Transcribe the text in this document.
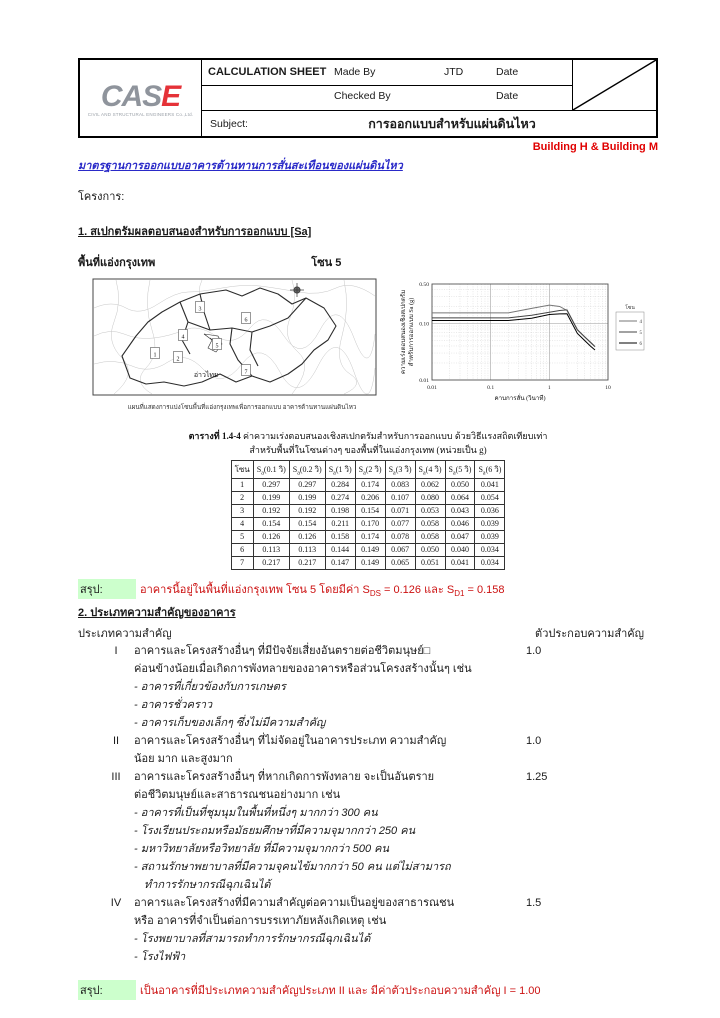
CASE
CIVIL AND STRUCTURAL ENGINEERS Co.,Ltd.
CALCULATION SHEET Made By	JTD	Date
Checked By	Date
Subject:	การออกแบบสำหรับแผ่นดินไหว
Building H & Building M
มาตรฐานการออกแบบอาคารต้านทานการสั่นสะเทือนของแผ่นดินไหว
โครงการ:
1. สเปกตรัมผลตอบสนองสำหรับการออกแบบ [Sa]
พื้นที่แอ่งกรุงเทพ	โซน 5
1
2
3
4
5
6
7
อ่าวไทย
แผนที่แสดงการแบ่งโซนพื้นที่แอ่งกรุงเทพเพื่อการออกแบบ อาคารต้านทานแผ่นดินไหว
0.01	0.1	1	10
0.01
0.10
0.50
คาบการสั่น (วินาที)
ความเร่งตอบสนองเชิงสเปกตรัม สำหรับการออกแบบ Sa (g)	โซน
4
5
6
ตารางที่ 1.4-4 ค่าความเร่งตอบสนองเชิงสเปกตรัมสำหรับการออกแบบ ด้วยวิธีแรงสถิตเทียบเท่า
สำหรับพื้นที่ในโซนต่างๆ ของพื้นที่ในแอ่งกรุงเทพ (หน่วยเป็น g)
โซน	$S_a(0.1$ วิ)	$S_a(0.2$ วิ)	$S_a(1$ วิ)	$S_a(2$ วิ)	$S_a(3$ วิ)	$S_a(4$ วิ)	$S_a(5$ วิ)	$S_a(6$ วิ)
1	0.297	0.297	0.284	0.174	0.083	0.062	0.050	0.041
2	0.199	0.199	0.274	0.206	0.107	0.080	0.064	0.054
3	0.192	0.192	0.198	0.154	0.071	0.053	0.043	0.036
4	0.154	0.154	0.211	0.170	0.077	0.058	0.046	0.039
5	0.126	0.126	0.158	0.174	0.078	0.058	0.047	0.039
6	0.113	0.113	0.144	0.149	0.067	0.050	0.040	0.034
7	0.217	0.217	0.147	0.149	0.065	0.051	0.041	0.034
สรุป:	อาคารนี้อยู่ในพื้นที่แอ่งกรุงเทพ โซน 5 โดยมีค่า $S_{DS} = 0.126$ และ $S_{D1} = 0.158$
2. ประเภทความสำคัญของอาคาร
ประเภทความสำคัญ	ตัวประกอบความสำคัญ
I	อาคารและโครงสร้างอื่นๆ ที่มีปัจจัยเสี่ยงอันตรายต่อชีวิตมนุษย์□
ค่อนข้างน้อยเมื่อเกิดการพังทลายของอาคารหรือส่วนโครงสร้างนั้นๆ เช่น
- อาคารที่เกี่ยวข้องกับการเกษตร
- อาคารชั่วคราว
- อาคารเก็บของเล็กๆ ซึ่งไม่มีความสำคัญ
1.0
II	อาคารและโครงสร้างอื่นๆ ที่ไม่จัดอยู่ในอาคารประเภท ความสำคัญ
น้อย มาก และสูงมาก
1.0
III	อาคารและโครงสร้างอื่นๆ ที่หากเกิดการพังทลาย จะเป็นอันตราย
ต่อชีวิตมนุษย์และสาธารณชนอย่างมาก เช่น
- อาคารที่เป็นที่ชุมนุมในพื้นที่หนึ่งๆ มากกว่า 300 คน
- โรงเรียนประถมหรือมัธยมศึกษาที่มีความจุมากกว่า 250 คน
- มหาวิทยาลัยหรือวิทยาลัย ที่มีความจุมากกว่า 500 คน
- สถานรักษาพยาบาลที่มีความจุคนไข้มากกว่า 50 คน แต่ไม่สามารถ
ทำการรักษากรณีฉุกเฉินได้
1.25
IV	อาคารและโครงสร้างที่มีความสำคัญต่อความเป็นอยู่ของสาธารณชน
หรือ อาคารที่จำเป็นต่อการบรรเทาภัยหลังเกิดเหตุ เช่น
- โรงพยาบาลที่สามารถทำการรักษากรณีฉุกเฉินได้
- โรงไฟฟ้า
1.5
สรุป:	เป็นอาคารที่มีประเภทความสำคัญประเภท II และ มีค่าตัวประกอบความสำคัญ I = 1.00
